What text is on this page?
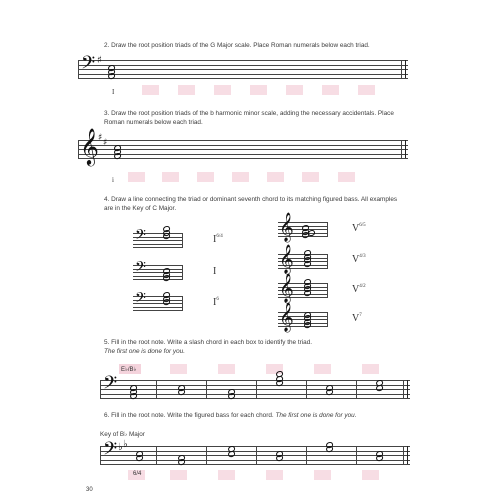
2. Draw the root position triads of the G Major scale. Place Roman numerals below each triad.
𝄢 ♯
I
3. Draw the root position triads of the b harmonic minor scale, adding the necessary accidentals. Place Roman numerals below each triad.
𝄞 ♯ ♯
i
4. Draw a line connecting the triad or dominant seventh chord to its matching figured bass. All examples are in the Key of C Major.
𝄢
𝄢
𝄢
$I^{6/4}$
I
$I^6$
𝄞
𝄞
𝄞
𝄞
$V^{6/5}$
$V^{4/3}$
$V^{4/2}$
$V^7$
5. Fill in the root note. Write a slash chord in each box to identify the triad.
The first one is done for you.
E♭/B♭
𝄢
6. Fill in the root note. Write the figured bass for each chord. The first one is done for you.
Key of B♭ Major
𝄢 ♭ ♭
6/4
30
